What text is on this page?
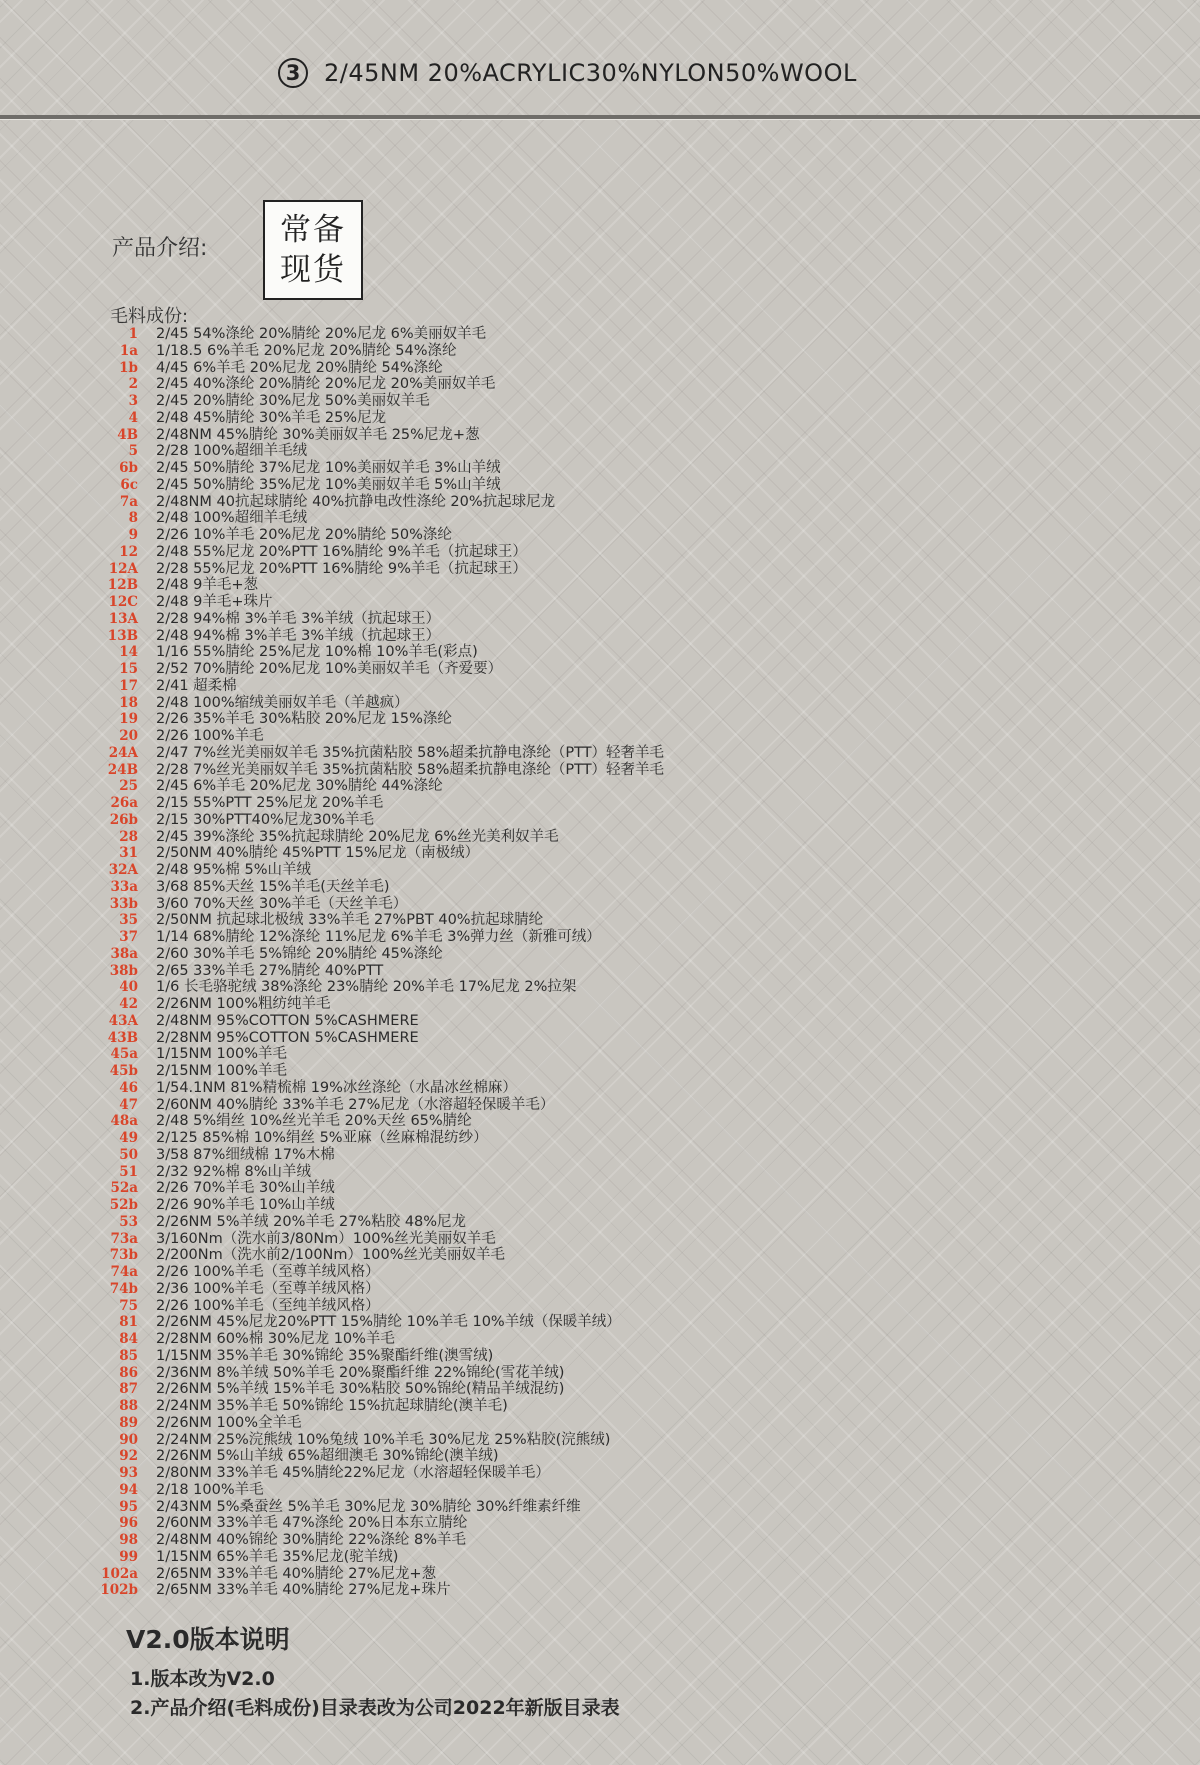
3 2/45NM 20%ACRYLIC30%NYLON50%WOOL
产品介绍:
常备
现货
毛料成份:
1	2/45 54%涤纶 20%腈纶 20%尼龙 6%美丽奴羊毛
1a	1/18.5 6%羊毛 20%尼龙 20%腈纶 54%涤纶
1b	4/45 6%羊毛 20%尼龙 20%腈纶 54%涤纶
2	2/45 40%涤纶 20%腈纶 20%尼龙 20%美丽奴羊毛
3	2/45 20%腈纶 30%尼龙 50%美丽奴羊毛
4	2/48 45%腈纶 30%羊毛 25%尼龙
4B	2/48NM 45%腈纶 30%美丽奴羊毛 25%尼龙+葱
5	2/28 100%超细羊毛绒
6b	2/45 50%腈纶 37%尼龙 10%美丽奴羊毛 3%山羊绒
6c	2/45 50%腈纶 35%尼龙 10%美丽奴羊毛 5%山羊绒
7a	2/48NM 40抗起球腈纶 40%抗静电改性涤纶 20%抗起球尼龙
8	2/48 100%超细羊毛绒
9	2/26 10%羊毛 20%尼龙 20%腈纶 50%涤纶
12	2/48 55%尼龙 20%PTT 16%腈纶 9%羊毛（抗起球王）
12A	2/28 55%尼龙 20%PTT 16%腈纶 9%羊毛（抗起球王）
12B	2/48 9羊毛+葱
12C	2/48 9羊毛+珠片
13A	2/28 94%棉 3%羊毛 3%羊绒（抗起球王）
13B	2/48 94%棉 3%羊毛 3%羊绒（抗起球王）
14	1/16 55%腈纶 25%尼龙 10%棉 10%羊毛(彩点)
15	2/52 70%腈纶 20%尼龙 10%美丽奴羊毛（齐爱要）
17	2/41 超柔棉
18	2/48 100%缩绒美丽奴羊毛（羊越疯）
19	2/26 35%羊毛 30%粘胶 20%尼龙 15%涤纶
20	2/26 100%羊毛
24A	2/47 7%丝光美丽奴羊毛 35%抗菌粘胶 58%超柔抗静电涤纶（PTT）轻奢羊毛
24B	2/28 7%丝光美丽奴羊毛 35%抗菌粘胶 58%超柔抗静电涤纶（PTT）轻奢羊毛
25	2/45 6%羊毛 20%尼龙 30%腈纶 44%涤纶
26a	2/15 55%PTT 25%尼龙 20%羊毛
26b	2/15 30%PTT40%尼龙30%羊毛
28	2/45 39%涤纶 35%抗起球腈纶 20%尼龙 6%丝光美利奴羊毛
31	2/50NM 40%腈纶 45%PTT 15%尼龙（南极绒）
32A	2/48 95%棉 5%山羊绒
33a	3/68 85%天丝 15%羊毛(天丝羊毛)
33b	3/60 70%天丝 30%羊毛（天丝羊毛）
35	2/50NM 抗起球北极绒 33%羊毛 27%PBT 40%抗起球腈纶
37	1/14 68%腈纶 12%涤纶 11%尼龙 6%羊毛 3%弹力丝（新雅可绒）
38a	2/60 30%羊毛 5%锦纶 20%腈纶 45%涤纶
38b	2/65 33%羊毛 27%腈纶 40%PTT
40	1/6 长毛骆驼绒 38%涤纶 23%腈纶 20%羊毛 17%尼龙 2%拉架
42	2/26NM 100%粗纺纯羊毛
43A	2/48NM 95%COTTON 5%CASHMERE
43B	2/28NM 95%COTTON 5%CASHMERE
45a	1/15NM 100%羊毛
45b	2/15NM 100%羊毛
46	1/54.1NM 81%精梳棉 19%冰丝涤纶（水晶冰丝棉麻）
47	2/60NM 40%腈纶 33%羊毛 27%尼龙（水溶超轻保暖羊毛）
48a	2/48 5%绢丝 10%丝光羊毛 20%天丝 65%腈纶
49	2/125 85%棉 10%绢丝 5%亚麻（丝麻棉混纺纱）
50	3/58 87%细绒棉 17%木棉
51	2/32 92%棉 8%山羊绒
52a	2/26 70%羊毛 30%山羊绒
52b	2/26 90%羊毛 10%山羊绒
53	2/26NM 5%羊绒 20%羊毛 27%粘胶 48%尼龙
73a	3/160Nm（洗水前3/80Nm）100%丝光美丽奴羊毛
73b	2/200Nm（洗水前2/100Nm）100%丝光美丽奴羊毛
74a	2/26 100%羊毛（至尊羊绒风格）
74b	2/36 100%羊毛（至尊羊绒风格）
75	2/26 100%羊毛（至纯羊绒风格）
81	2/26NM 45%尼龙20%PTT 15%腈纶 10%羊毛 10%羊绒（保暖羊绒）
84	2/28NM 60%棉 30%尼龙 10%羊毛
85	1/15NM 35%羊毛 30%锦纶 35%聚酯纤维(澳雪绒)
86	2/36NM 8%羊绒 50%羊毛 20%聚酯纤维 22%锦纶(雪花羊绒)
87	2/26NM 5%羊绒 15%羊毛 30%粘胶 50%锦纶(精品羊绒混纺)
88	2/24NM 35%羊毛 50%锦纶 15%抗起球腈纶(澳羊毛)
89	2/26NM 100%全羊毛
90	2/24NM 25%浣熊绒 10%兔绒 10%羊毛 30%尼龙 25%粘胶(浣熊绒)
92	2/26NM 5%山羊绒 65%超细澳毛 30%锦纶(澳羊绒)
93	2/80NM 33%羊毛 45%腈纶22%尼龙（水溶超轻保暖羊毛）
94	2/18 100%羊毛
95	2/43NM 5%桑蚕丝 5%羊毛 30%尼龙 30%腈纶 30%纤维素纤维
96	2/60NM 33%羊毛 47%涤纶 20%日本东立腈纶
98	2/48NM 40%锦纶 30%腈纶 22%涤纶 8%羊毛
99	1/15NM 65%羊毛 35%尼龙(驼羊绒)
102a	2/65NM 33%羊毛 40%腈纶 27%尼龙+葱
102b	2/65NM 33%羊毛 40%腈纶 27%尼龙+珠片
V2.0版本说明
1.版本改为V2.0
2.产品介绍(毛料成份)目录表改为公司2022年新版目录表
